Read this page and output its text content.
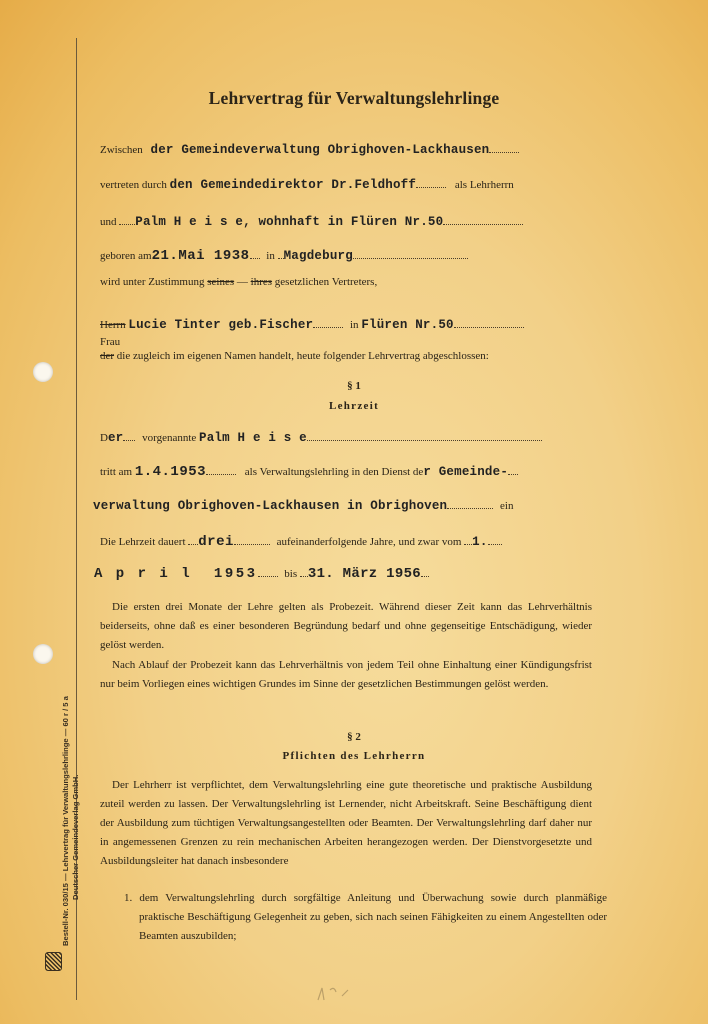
Bestell-Nr. 030/15 — Lehrvertrag für Verwaltungslehrlinge — 60 r / 5 a Deutscher Gemeindeverlag GmbH.
Lehrvertrag für Verwaltungslehrlinge
Zwischen der Gemeindeverwaltung Obrighoven-Lackhausen
vertreten durch den Gemeindedirektor Dr.Feldhoff	als Lehrherrn
und Palm H e i s e, wohnhaft in Flüren Nr.50
geboren am21.Mai 1938 in Magdeburg
wird unter Zustimmung seines — ihres gesetzlichen Vertreters,
Herrn
Frau
Lucie Tinter geb.Fischer	in Flüren Nr.50
der die zugleich im eigenen Namen handelt, heute folgender Lehrvertrag abgeschlossen:
§ 1
Lehrzeit
Der vorgenannte Palm H e i s e
tritt am 1.4.1953	als Verwaltungslehrling in den Dienst der Gemeinde-
verwaltung Obrighoven-Lackhausen in Obrighoven	ein
Die Lehrzeit dauert drei	aufeinanderfolgende Jahre, und zwar vom 1.
A p r i l  1953 bis 31. März 1956

Die ersten drei Monate der Lehre gelten als Probezeit. Während dieser Zeit kann das Lehrverhältnis beiderseits, ohne daß es einer besonderen Begründung bedarf und ohne gegenseitige Entschädigung, wieder gelöst werden.

Nach Ablauf der Probezeit kann das Lehrverhältnis von jedem Teil ohne Einhaltung einer Kündigungsfrist nur beim Vorliegen eines wichtigen Grundes im Sinne der gesetzlichen Bestimmungen gelöst werden.

§ 2
Pflichten des Lehrherrn

Der Lehrherr ist verpflichtet, dem Verwaltungslehrling eine gute theoretische und praktische Ausbildung zuteil werden zu lassen. Der Verwaltungslehrling ist Lernender, nicht Arbeitskraft. Seine Beschäftigung dient der Ausbildung zum tüchtigen Verwaltungsangestellten oder Beamten. Der Verwaltungslehrling darf daher nur in angemessenen Grenzen zu rein mechanischen Arbeiten herangezogen werden. Der Dienstvorgesetzte und Ausbildungsleiter hat danach insbesondere

1. dem Verwaltungslehrling durch sorgfältige Anleitung und Überwachung sowie durch planmäßige praktische Beschäftigung Gelegenheit zu geben, sich nach seinen Fähigkeiten zu einem Angestellten oder Beamten auszubilden;
